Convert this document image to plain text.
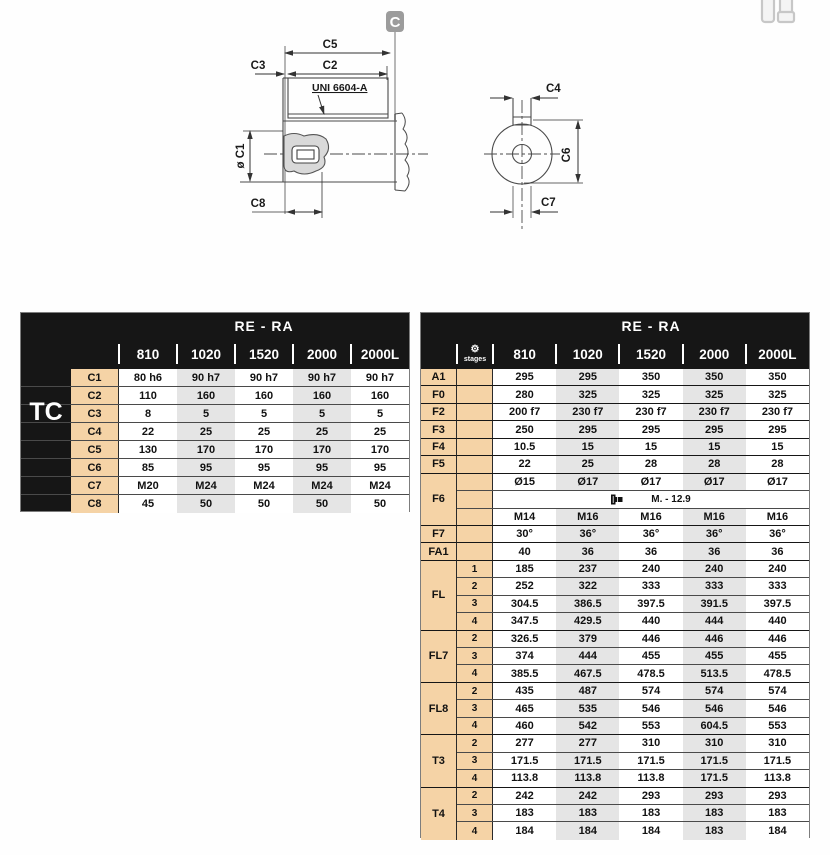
C
C5
C2
C3
UNI 6604-A
ø C1
C8
C4
C7
C6
TC
RE - RA
810	1020	1520	2000	2000L
C1	80 h6	90 h7	90 h7	90 h7	90 h7
C2	110	160	160	160	160
C3	8	5	5	5	5
C4	22	25	25	25	25
C5	130	170	170	170	170
C6	85	95	95	95	95
C7	M20	M24	M24	M24	M24
C8	45	50	50	50	50
RE - RA
⚙
stages	810	1020	1520	2000	2000L
A1	295	295	350	350	350
F0	280	325	325	325	325
F2	200 f7	230 f7	230 f7	230 f7	230 f7
F3	250	295	295	295	295
F4	10.5	15	15	15	15
F5	22	25	28	28	28
F6
Ø15	Ø17	Ø17	Ø17	Ø17
M. - 12.9
M14	M16	M16	M16	M16
F7	30°	36°	36°	36°	36°
FA1	40	36	36	36	36
FL
1	185	237	240	240	240
2	252	322	333	333	333
3	304.5	386.5	397.5	391.5	397.5
4	347.5	429.5	440	444	440
FL7
2	326.5	379	446	446	446
3	374	444	455	455	455
4	385.5	467.5	478.5	513.5	478.5
FL8
2	435	487	574	574	574
3	465	535	546	546	546
4	460	542	553	604.5	553
T3
2	277	277	310	310	310
3	171.5	171.5	171.5	171.5	171.5
4	113.8	113.8	113.8	171.5	113.8
T4
2	242	242	293	293	293
3	183	183	183	183	183
4	184	184	184	183	184
